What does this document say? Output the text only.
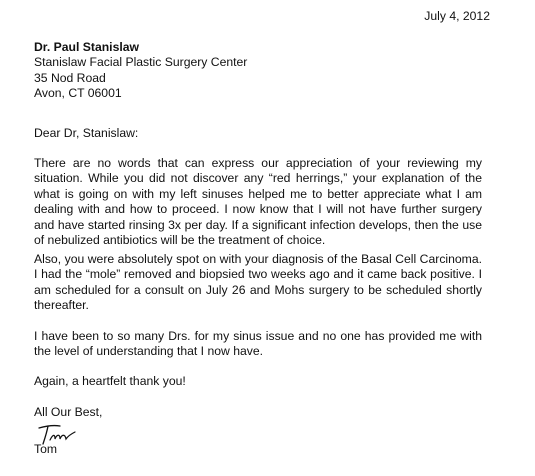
July 4, 2012
Dr. Paul Stanislaw
Stanislaw Facial Plastic Surgery Center
35 Nod Road
Avon, CT 06001
Dear Dr, Stanislaw:

There are no words that can express our appreciation of your reviewing my situation. While you did not discover any “red herrings,” your explanation of the what is going on with my left sinuses helped me to better appreciate what I am dealing with and how to proceed. I now know that I will not have further surgery and have started rinsing 3x per day. If a significant infection develops, then the use of nebulized antibiotics will be the treatment of choice.

Also, you were absolutely spot on with your diagnosis of the Basal Cell Carcinoma. I had the “mole” removed and biopsied two weeks ago and it came back positive. I am scheduled for a consult on July 26 and Mohs surgery to be scheduled shortly thereafter.

I have been to so many Drs. for my sinus issue and no one has provided me with the level of understanding that I now have.

Again, a heartfelt thank you!

All Our Best,
Tom
